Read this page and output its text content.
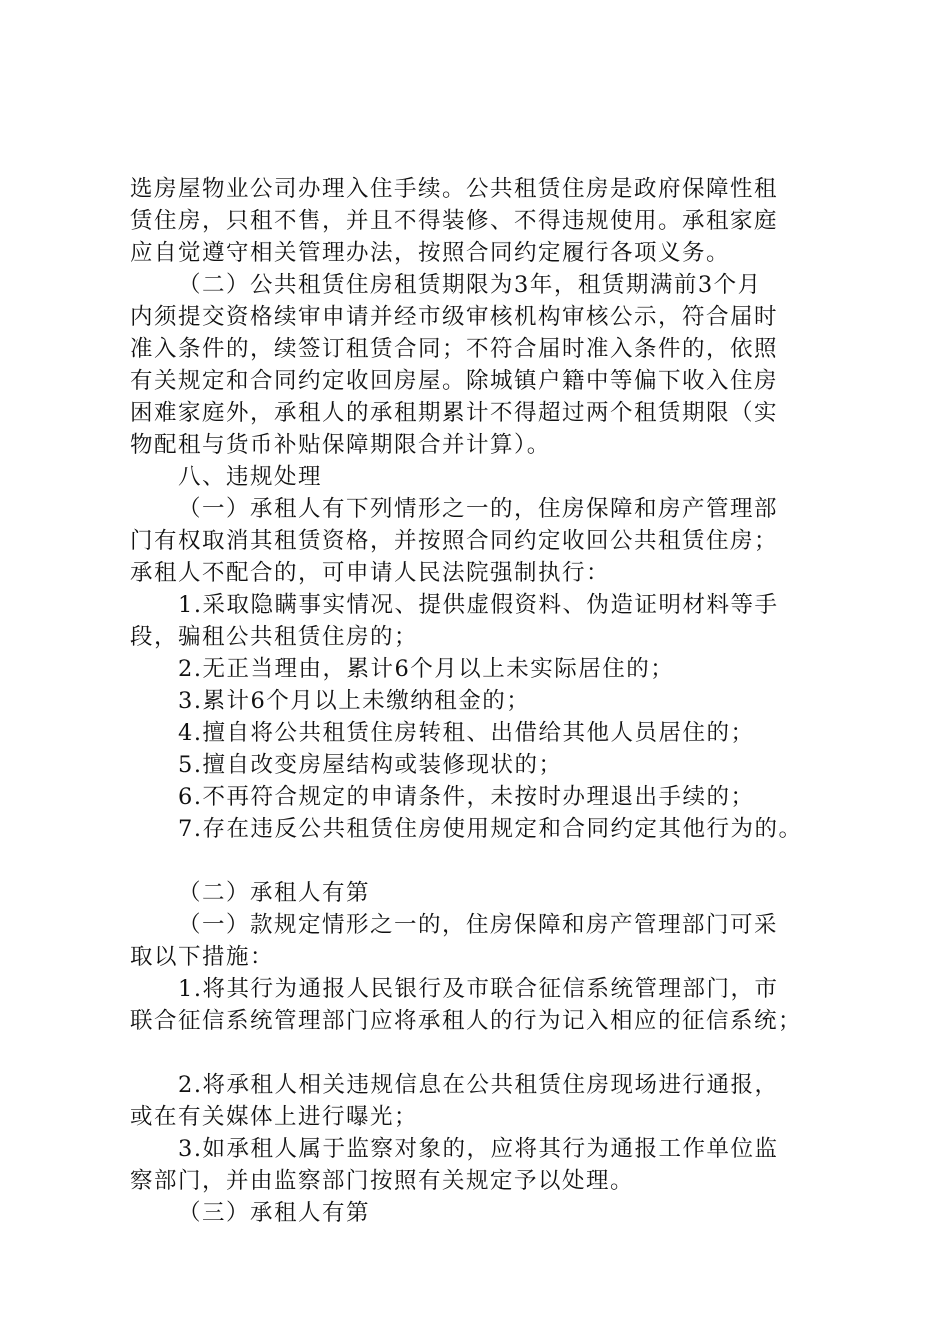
选房屋物业公司办理入住手续。公共租赁住房是政府保障性租
赁住房，只租不售，并且不得装修、不得违规使用。承租家庭
应自觉遵守相关管理办法，按照合同约定履行各项义务。
（二）公共租赁住房租赁期限为3年，租赁期满前3个月
内须提交资格续审申请并经市级审核机构审核公示，符合届时
准入条件的，续签订租赁合同；不符合届时准入条件的，依照
有关规定和合同约定收回房屋。除城镇户籍中等偏下收入住房
困难家庭外，承租人的承租期累计不得超过两个租赁期限（实
物配租与货币补贴保障期限合并计算）。
八、违规处理
（一）承租人有下列情形之一的，住房保障和房产管理部
门有权取消其租赁资格，并按照合同约定收回公共租赁住房；
承租人不配合的，可申请人民法院强制执行：
1.采取隐瞒事实情况、提供虚假资料、伪造证明材料等手
段，骗租公共租赁住房的；
2.无正当理由，累计6个月以上未实际居住的；
3.累计6个月以上未缴纳租金的；
4.擅自将公共租赁住房转租、出借给其他人员居住的；
5.擅自改变房屋结构或装修现状的；
6.不再符合规定的申请条件，未按时办理退出手续的；
7.存在违反公共租赁住房使用规定和合同约定其他行为的。
（二）承租人有第
（一）款规定情形之一的，住房保障和房产管理部门可采
取以下措施：
1.将其行为通报人民银行及市联合征信系统管理部门，市
联合征信系统管理部门应将承租人的行为记入相应的征信系统；
2.将承租人相关违规信息在公共租赁住房现场进行通报，
或在有关媒体上进行曝光；
3.如承租人属于监察对象的，应将其行为通报工作单位监
察部门，并由监察部门按照有关规定予以处理。
（三）承租人有第
